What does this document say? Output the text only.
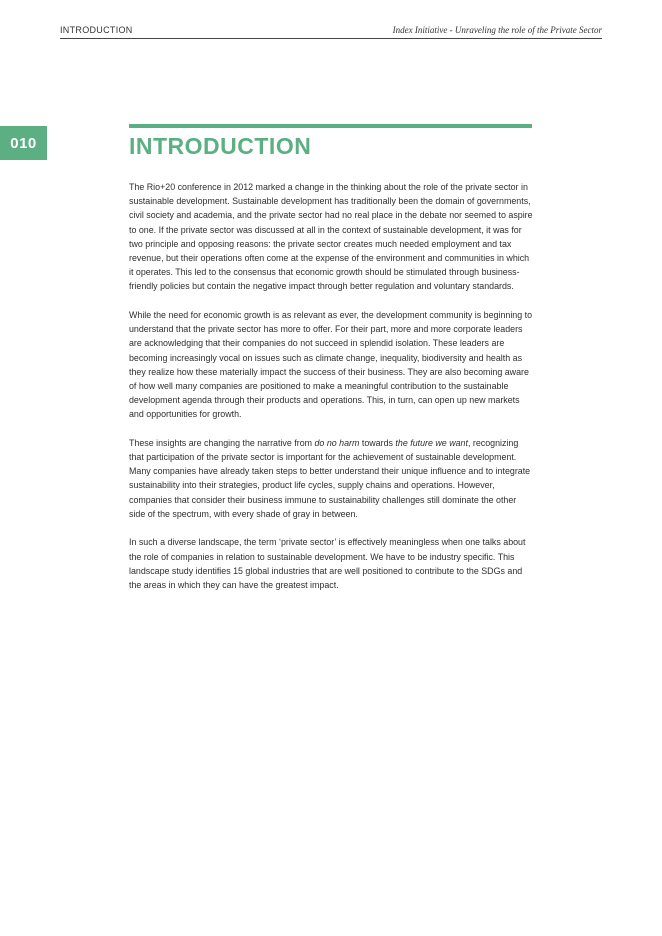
INTRODUCTION	Index Initiative - Unraveling the role of the Private Sector
010	INTRODUCTION

The Rio+20 conference in 2012 marked a change in the thinking about the role of the private sector in sustainable development. Sustainable development has traditionally been the domain of governments, civil society and academia, and the private sector had no real place in the debate nor seemed to aspire to one. If the private sector was discussed at all in the context of sustainable development, it was for two principle and opposing reasons: the private sector creates much needed employment and tax revenue, but their operations often come at the expense of the environment and communities in which it operates. This led to the consensus that economic growth should be stimulated through business-friendly policies but contain the negative impact through better regulation and voluntary standards.

While the need for economic growth is as relevant as ever, the development community is beginning to understand that the private sector has more to offer. For their part, more and more corporate leaders are acknowledging that their companies do not succeed in splendid isolation. These leaders are becoming increasingly vocal on issues such as climate change, inequality, biodiversity and health as they realize how these materially impact the success of their business. They are also becoming aware of how well many companies are positioned to make a meaningful contribution to the sustainable development agenda through their products and operations. This, in turn, can open up new markets and opportunities for growth.

These insights are changing the narrative from do no harm towards the future we want, recognizing that participation of the private sector is important for the achievement of sustainable development. Many companies have already taken steps to better understand their unique influence and to integrate sustainability into their strategies, product life cycles, supply chains and operations. However, companies that consider their business immune to sustainability challenges still dominate the other side of the spectrum, with every shade of gray in between.

In such a diverse landscape, the term ‘private sector’ is effectively meaningless when one talks about the role of companies in relation to sustainable development. We have to be industry specific. This landscape study identifies 15 global industries that are well positioned to contribute to the SDGs and the areas in which they can have the greatest impact.
